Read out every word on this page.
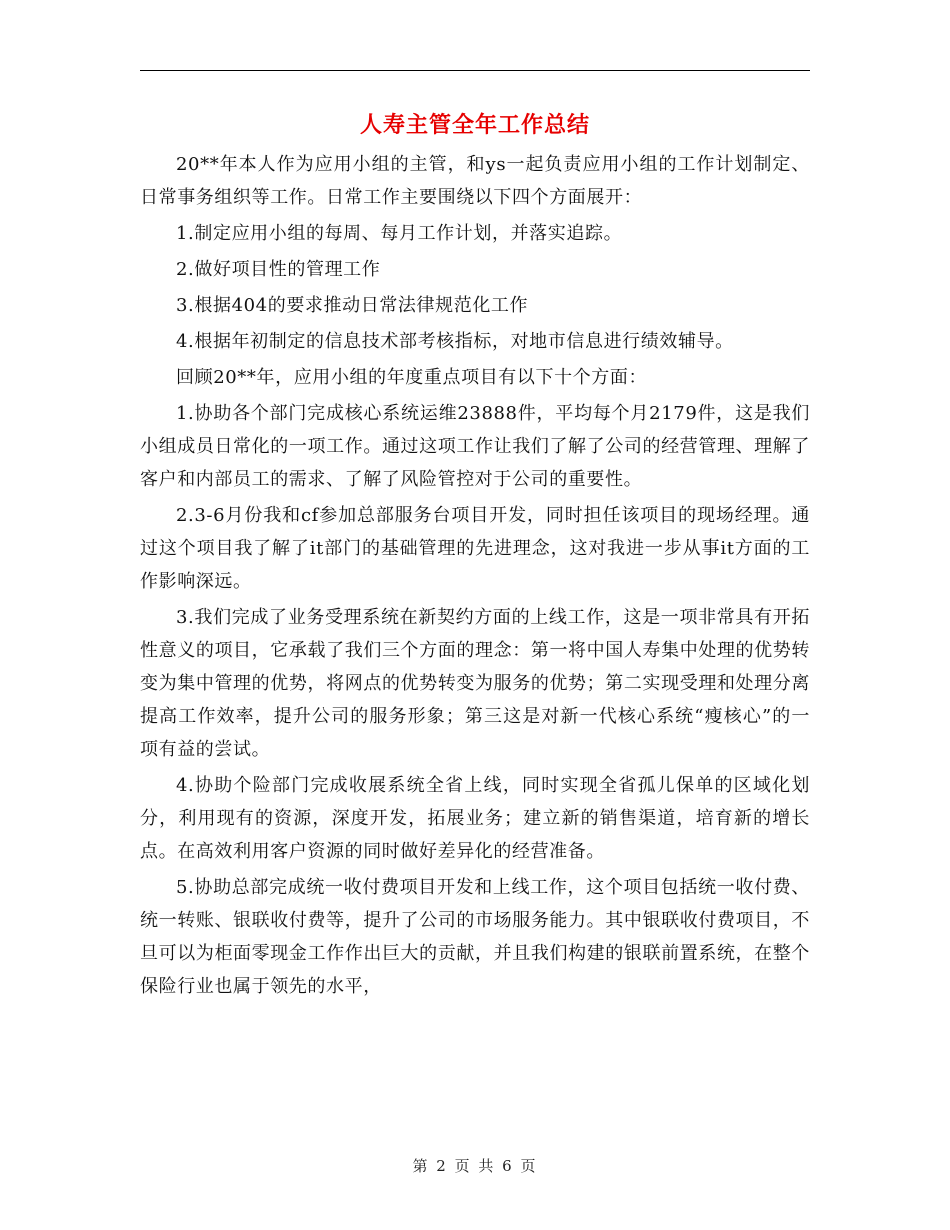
人寿主管全年工作总结

20**年本人作为应用小组的主管，和ys一起负责应用小组的工作计划制定、日常事务组织等工作。日常工作主要围绕以下四个方面展开：

1.制定应用小组的每周、每月工作计划，并落实追踪。

2.做好项目性的管理工作

3.根据404的要求推动日常法律规范化工作

4.根据年初制定的信息技术部考核指标，对地市信息进行绩效辅导。

回顾20**年，应用小组的年度重点项目有以下十个方面：

1.协助各个部门完成核心系统运维23888件，平均每个月2179件，这是我们小组成员日常化的一项工作。通过这项工作让我们了解了公司的经营管理、理解了客户和内部员工的需求、了解了风险管控对于公司的重要性。

2.3-6月份我和cf参加总部服务台项目开发，同时担任该项目的现场经理。通过这个项目我了解了it部门的基础管理的先进理念，这对我进一步从事it方面的工作影响深远。

3.我们完成了业务受理系统在新契约方面的上线工作，这是一项非常具有开拓性意义的项目，它承载了我们三个方面的理念：第一将中国人寿集中处理的优势转变为集中管理的优势，将网点的优势转变为服务的优势；第二实现受理和处理分离提高工作效率，提升公司的服务形象；第三这是对新一代核心系统“瘦核心”的一项有益的尝试。

4.协助个险部门完成收展系统全省上线，同时实现全省孤儿保单的区域化划分，利用现有的资源，深度开发，拓展业务；建立新的销售渠道，培育新的增长点。在高效利用客户资源的同时做好差异化的经营准备。

5.协助总部完成统一收付费项目开发和上线工作，这个项目包括统一收付费、统一转账、银联收付费等，提升了公司的市场服务能力。其中银联收付费项目，不旦可以为柜面零现金工作作出巨大的贡献，并且我们构建的银联前置系统，在整个保险行业也属于领先的水平，

第 2 页 共 6 页
